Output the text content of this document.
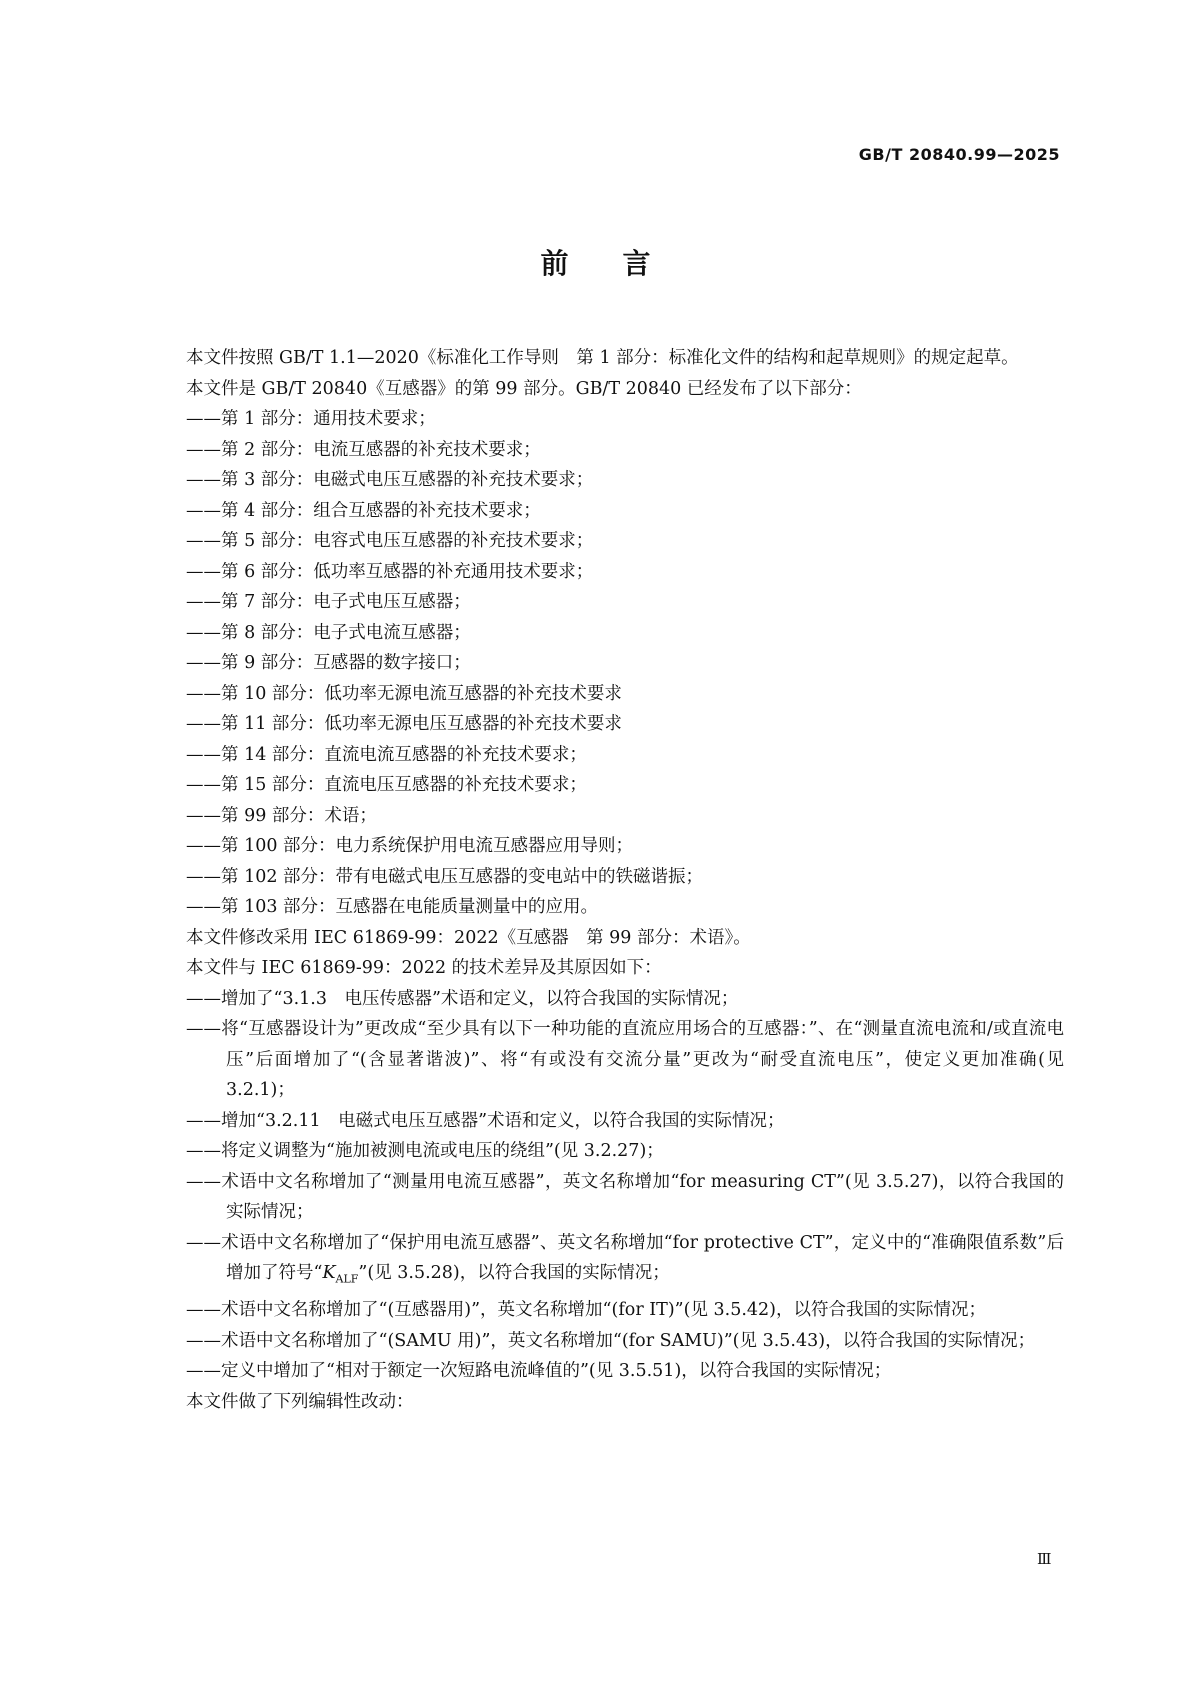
GB/T 20840.99—2025
前言

本文件按照 GB/T 1.1—2020《标准化工作导则　第 1 部分：标准化文件的结构和起草规则》的规定起草。

本文件是 GB/T 20840《互感器》的第 99 部分。GB/T 20840 已经发布了以下部分：

——第 1 部分：通用技术要求；

——第 2 部分：电流互感器的补充技术要求；

——第 3 部分：电磁式电压互感器的补充技术要求；

——第 4 部分：组合互感器的补充技术要求；

——第 5 部分：电容式电压互感器的补充技术要求；

——第 6 部分：低功率互感器的补充通用技术要求；

——第 7 部分：电子式电压互感器；

——第 8 部分：电子式电流互感器；

——第 9 部分：互感器的数字接口；

——第 10 部分：低功率无源电流互感器的补充技术要求

——第 11 部分：低功率无源电压互感器的补充技术要求

——第 14 部分：直流电流互感器的补充技术要求；

——第 15 部分：直流电压互感器的补充技术要求；

——第 99 部分：术语；

——第 100 部分：电力系统保护用电流互感器应用导则；

——第 102 部分：带有电磁式电压互感器的变电站中的铁磁谐振；

——第 103 部分：互感器在电能质量测量中的应用。

本文件修改采用 IEC 61869-99：2022《互感器　第 99 部分：术语》。

本文件与 IEC 61869-99：2022 的技术差异及其原因如下：

——增加了“3.1.3　电压传感器”术语和定义，以符合我国的实际情况；

——将“互感器设计为”更改成“至少具有以下一种功能的直流应用场合的互感器：”、在“测量直流电流和/或直流电压”后面增加了“(含显著谐波)”、将“有或没有交流分量”更改为“耐受直流电压”，使定义更加准确(见 3.2.1)；

——增加“3.2.11　电磁式电压互感器”术语和定义，以符合我国的实际情况；

——将定义调整为“施加被测电流或电压的绕组”(见 3.2.27)；

——术语中文名称增加了“测量用电流互感器”，英文名称增加“for measuring CT”(见 3.5.27)，以符合我国的实际情况；

——术语中文名称增加了“保护用电流互感器”、英文名称增加“for protective CT”，定义中的“准确限值系数”后增加了符号“$K_{ALF}$”(见 3.5.28)，以符合我国的实际情况；

——术语中文名称增加了“(互感器用)”，英文名称增加“(for IT)”(见 3.5.42)，以符合我国的实际情况；

——术语中文名称增加了“(SAMU 用)”，英文名称增加“(for SAMU)”(见 3.5.43)，以符合我国的实际情况；

——定义中增加了“相对于额定一次短路电流峰值的”(见 3.5.51)，以符合我国的实际情况；

本文件做了下列编辑性改动：

Ⅲ
